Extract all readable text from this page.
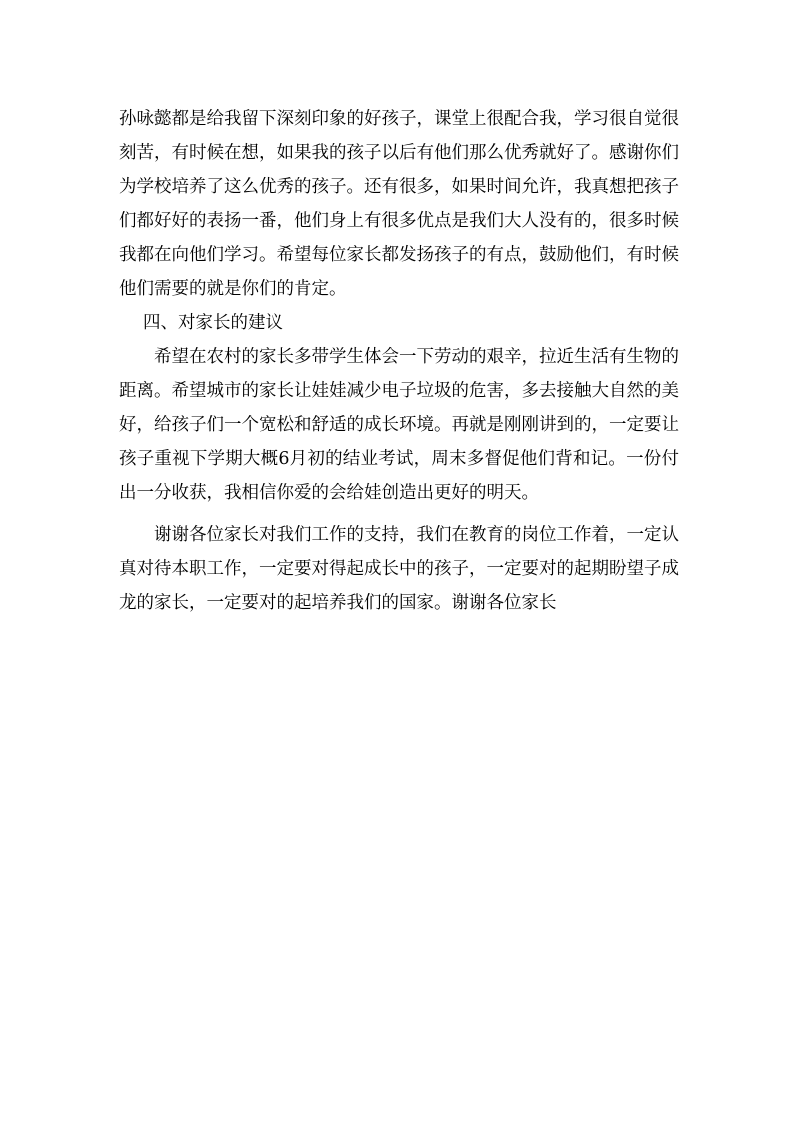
孙咏懿都是给我留下深刻印象的好孩子，课堂上很配合我，学习很自觉很刻苦，有时候在想，如果我的孩子以后有他们那么优秀就好了。感谢你们为学校培养了这么优秀的孩子。还有很多，如果时间允许，我真想把孩子们都好好的表扬一番，他们身上有很多优点是我们大人没有的，很多时候我都在向他们学习。希望每位家长都发扬孩子的有点，鼓励他们，有时候他们需要的就是你们的肯定。

四、对家长的建议

希望在农村的家长多带学生体会一下劳动的艰辛，拉近生活有生物的距离。希望城市的家长让娃娃减少电子垃圾的危害，多去接触大自然的美好，给孩子们一个宽松和舒适的成长环境。再就是刚刚讲到的，一定要让孩子重视下学期大概6月初的结业考试，周末多督促他们背和记。一份付出一分收获，我相信你爱的会给娃创造出更好的明天。

谢谢各位家长对我们工作的支持，我们在教育的岗位工作着，一定认真对待本职工作，一定要对得起成长中的孩子，一定要对的起期盼望子成龙的家长，一定要对的起培养我们的国家。谢谢各位家长
